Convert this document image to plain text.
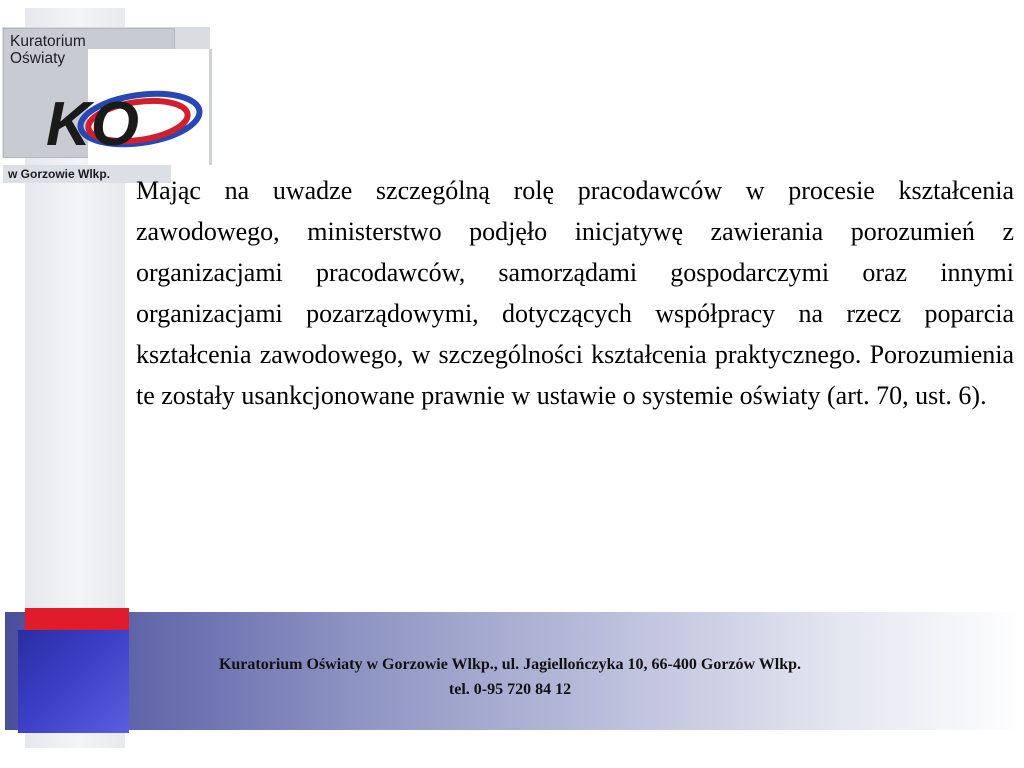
Kuratorium
Oświaty
KO
w Gorzowie Wlkp.

Mając na uwadze szczególną rolę pracodawców w procesie kształcenia zawodowego, ministerstwo podjęło inicjatywę zawierania porozumień z organizacjami pracodawców, samorządami gospodarczymi oraz innymi organizacjami pozarządowymi, dotyczących współpracy na rzecz poparcia kształcenia zawodowego, w szczególności kształcenia praktycznego. Porozumienia te zostały usankcjonowane prawnie w ustawie o systemie oświaty (art. 70, ust. 6).

Kuratorium Oświaty w Gorzowie Wlkp., ul. Jagiellończyka 10, 66-400 Gorzów Wlkp.

tel. 0-95 720 84 12
